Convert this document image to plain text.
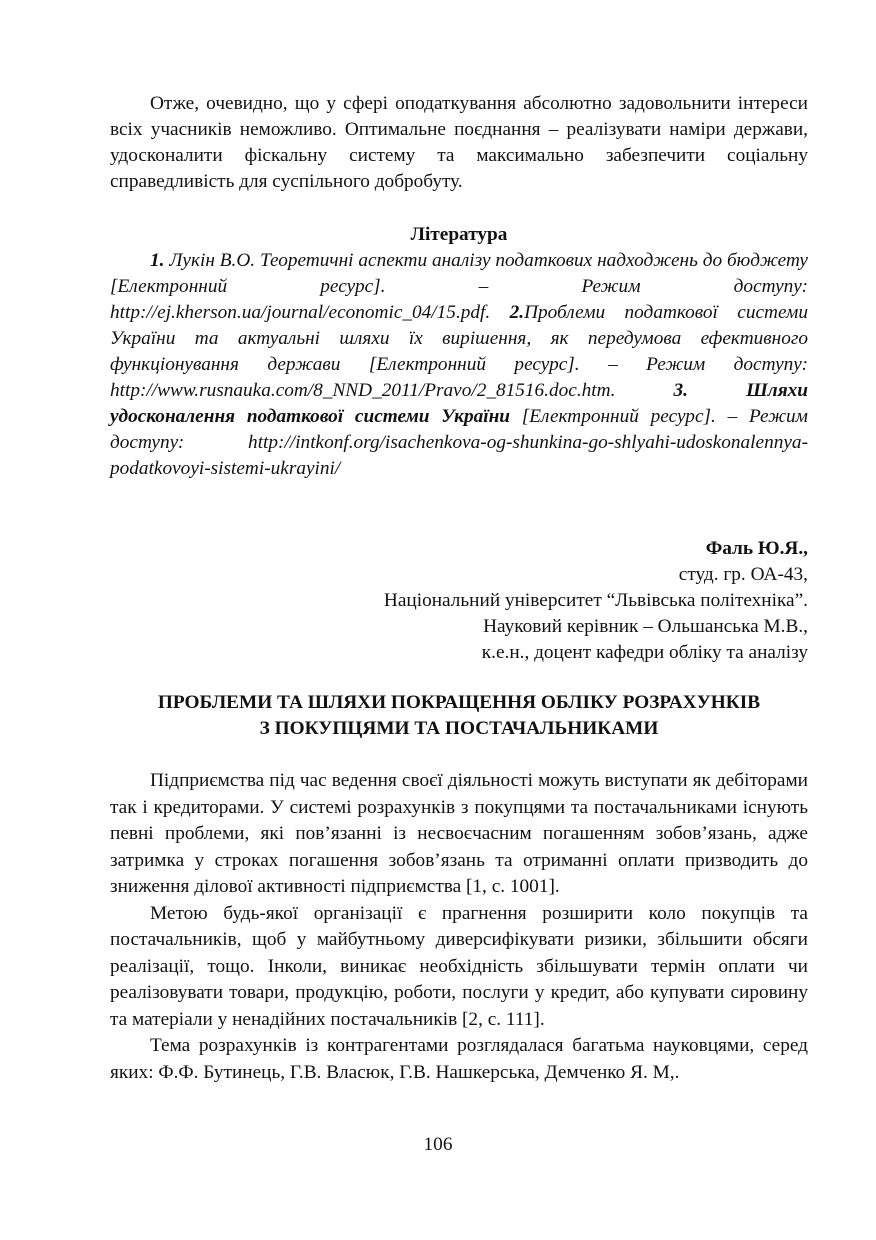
Отже, очевидно, що у сфері оподаткування абсолютно задовольнити інтереси всіх учасників неможливо. Оптимальне поєднання – реалізувати наміри держави, удосконалити фіскальну систему та максимально забезпечити соціальну справедливість для суспільного добробуту.

Література

1. Лукін В.О. Теоретичні аспекти аналізу податкових надходжень до бюджету [Електронний ресурс]. – Режим доступу: http://ej.kherson.ua/journal/economic_04/15.pdf. 2.Проблеми податкової системи України та актуальні шляхи їх вирішення, як передумова ефективного функціонування держави [Електронний ресурс]. – Режим доступу: http://www.rusnauka.com/8_NND_2011/Pravo/2_81516.doc.htm. 3. Шляхи удосконалення податкової системи України [Електронний ресурс]. – Режим доступу: http://intkonf.org/isachenkova-og-shunkina-go-shlyahi-udoskonalennya-podatkovoyi-sistemi-ukrayini/

Фаль Ю.Я.,
студ. гр. ОА-43,
Національний університет “Львівська політехніка”.
Науковий керівник – Ольшанська М.В.,
к.е.н., доцент кафедри обліку та аналізу
ПРОБЛЕМИ ТА ШЛЯХИ ПОКРАЩЕННЯ ОБЛІКУ РОЗРАХУНКІВ
З ПОКУПЦЯМИ ТА ПОСТАЧАЛЬНИКАМИ

Підприємства під час ведення своєї діяльності можуть виступати як дебіторами так і кредиторами. У системі розрахунків з покупцями та постачальниками існують певні проблеми, які пов’язанні із несвоєчасним погашенням зобов’язань, адже затримка у строках погашення зобов’язань та отриманні оплати призводить до зниження ділової активності підприємства [1, с. 1001].

Метою будь-якої організації є прагнення розширити коло покупців та постачальників, щоб у майбутньому диверсифікувати ризики, збільшити обсяги реалізації, тощо. Інколи, виникає необхідність збільшувати термін оплати чи реалізовувати товари, продукцію, роботи, послуги у кредит, або купувати сировину та матеріали у ненадійних постачальників [2, с. 111].

Тема розрахунків із контрагентами розглядалася багатьма науковцями, серед яких: Ф.Ф. Бутинець, Г.В. Власюк, Г.В. Нашкерська, Демченко Я. М,.

106
